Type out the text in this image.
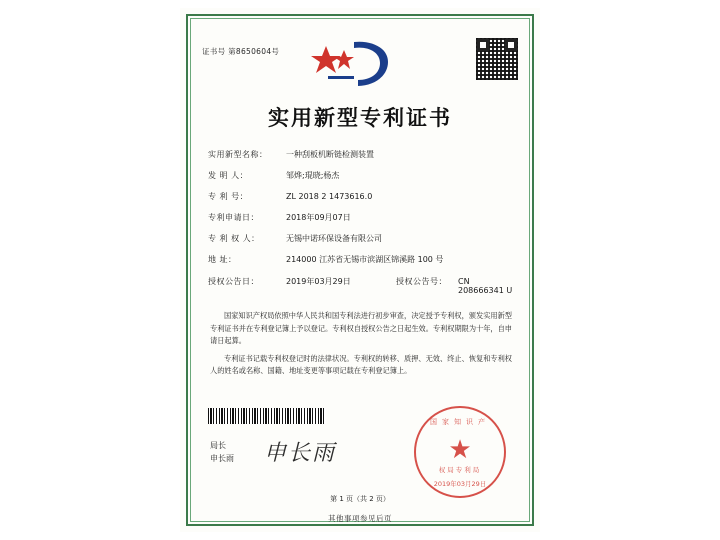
证书号 第8650604号
实用新型专利证书
实用新型名称：	一种刮板机断链检测装置
发 明 人：	邹烨;琨晓;杨杰
专 利 号：	ZL 2018 2 1473616.0
专利申请日：	2018年09月07日
专 利 权 人：	无锡中诺环保设备有限公司
地 址：	214000 江苏省无锡市滨湖区锦溪路 100 号
授权公告日：	2019年03月29日	授权公告号：	CN 208666341 U

国家知识产权局依照中华人民共和国专利法进行初步审查，决定授予专利权，颁发实用新型专利证书并在专利登记簿上予以登记。专利权自授权公告之日起生效。专利权期限为十年，自申请日起算。

专利证书记载专利权登记时的法律状况。专利权的转移、质押、无效、终止、恢复和专利权人的姓名或名称、国籍、地址变更等事项记载在专利登记簿上。

国家知识产
★
权局专利局
2019年03月29日
局长
申长雨 申长雨
第 1 页（共 2 页）
其他事项参见后页
